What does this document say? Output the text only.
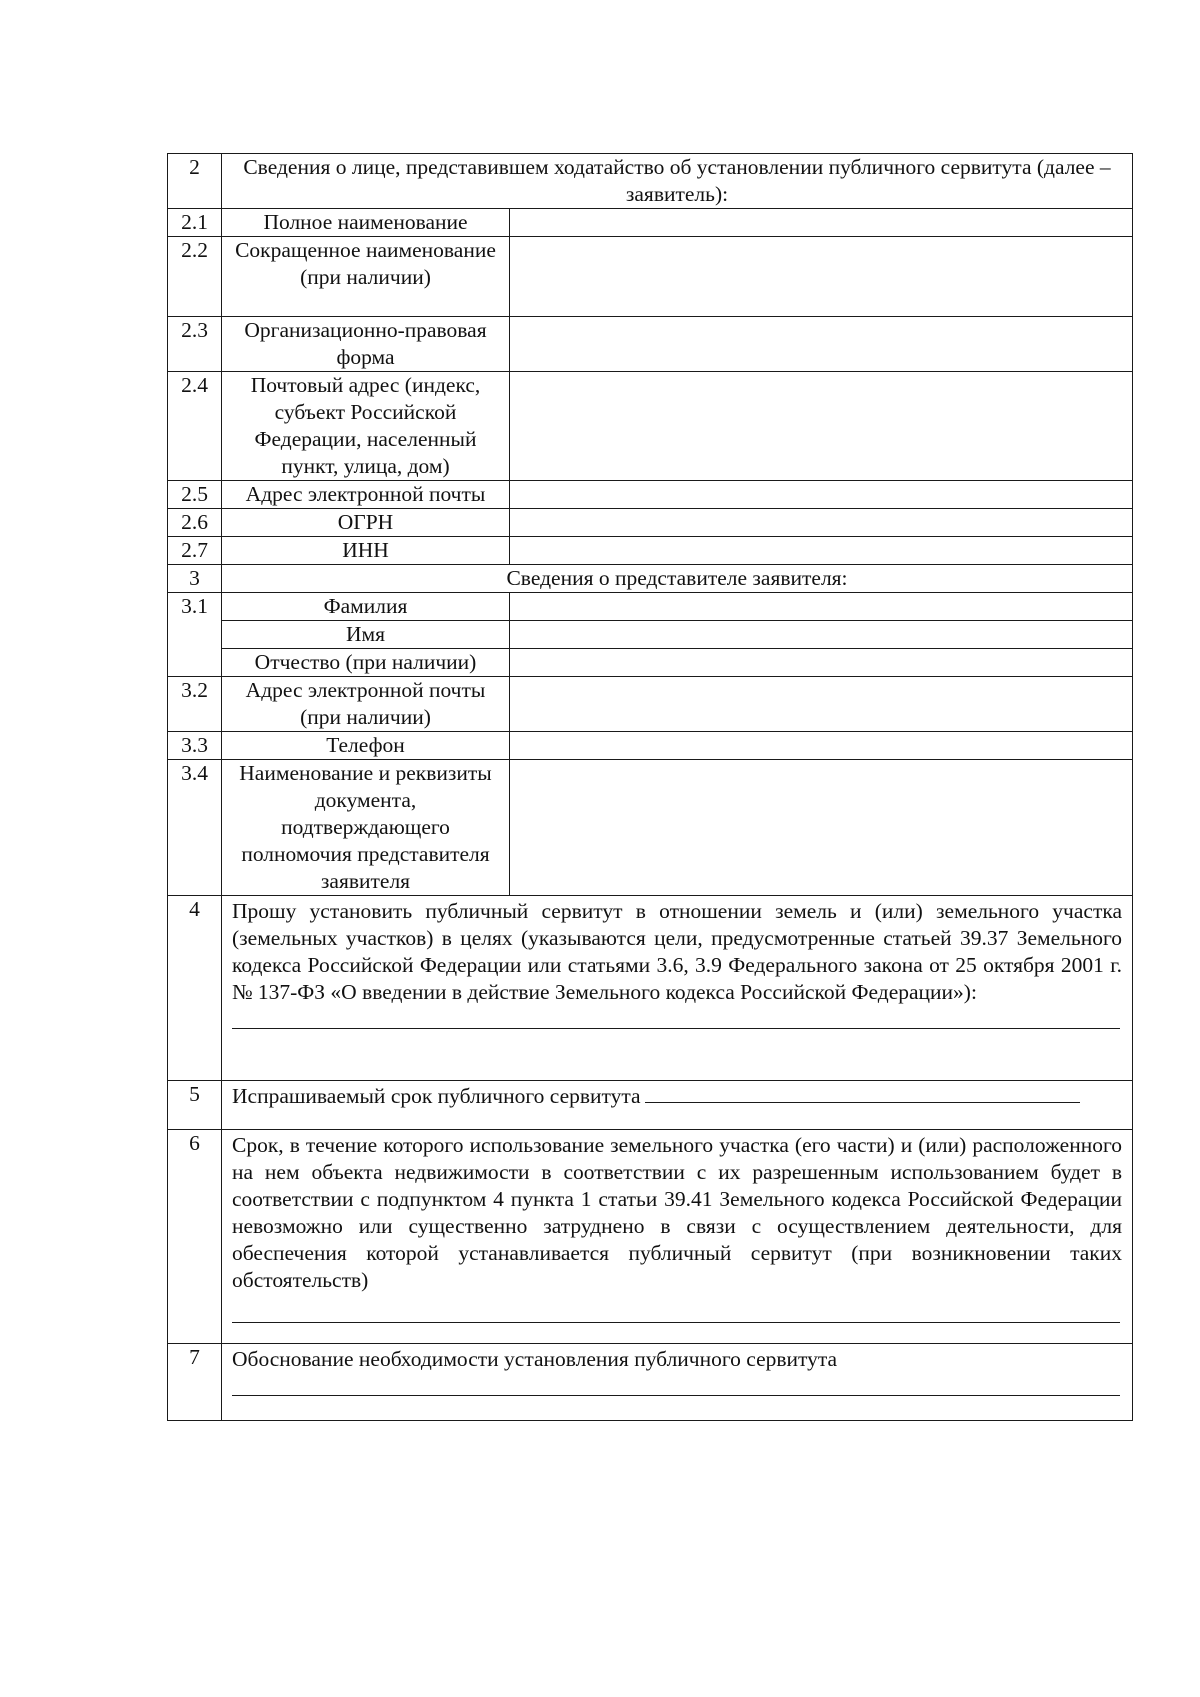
2	Сведения о лице, представившем ходатайство об установлении публичного сервитута (далее – заявитель):	
2.1	Полное наименование	
2.2	Сокращенное наименование (при наличии)	
2.3	Организационно-правовая форма	
2.4	Почтовый адрес (индекс, субъект Российской Федерации, населенный пункт, улица, дом)	
2.5	Адрес электронной почты	
2.6	ОГРН	
2.7	ИНН	
3	Сведения о представителе заявителя:	
3.1	Фамилия	
	Имя	
	Отчество (при наличии)	
3.2	Адрес электронной почты (при наличии)	
3.3	Телефон	
3.4	Наименование и реквизиты документа, подтверждающего полномочия представителя заявителя	
4	Прошу установить публичный сервитут в отношении земель и (или) земельного участка (земельных участков) в целях (указываются цели, предусмотренные статьей 39.37 Земельного кодекса Российской Федерации или статьями 3.6, 3.9 Федерального закона от 25 октября 2001 г. № 137-ФЗ «О введении в действие Земельного кодекса Российской Федерации»):	

5	Испрашиваемый срок публичного сервитута	
6	Срок, в течение которого использование земельного участка (его части) и (или) расположенного на нем объекта недвижимости в соответствии с их разрешенным использованием будет в соответствии с подпунктом 4 пункта 1 статьи 39.41 Земельного кодекса Российской Федерации невозможно или существенно затруднено в связи с осуществлением деятельности, для обеспечения которой устанавливается публичный сервитут (при возникновении таких обстоятельств)	

7	Обоснование необходимости установления публичного сервитута	
